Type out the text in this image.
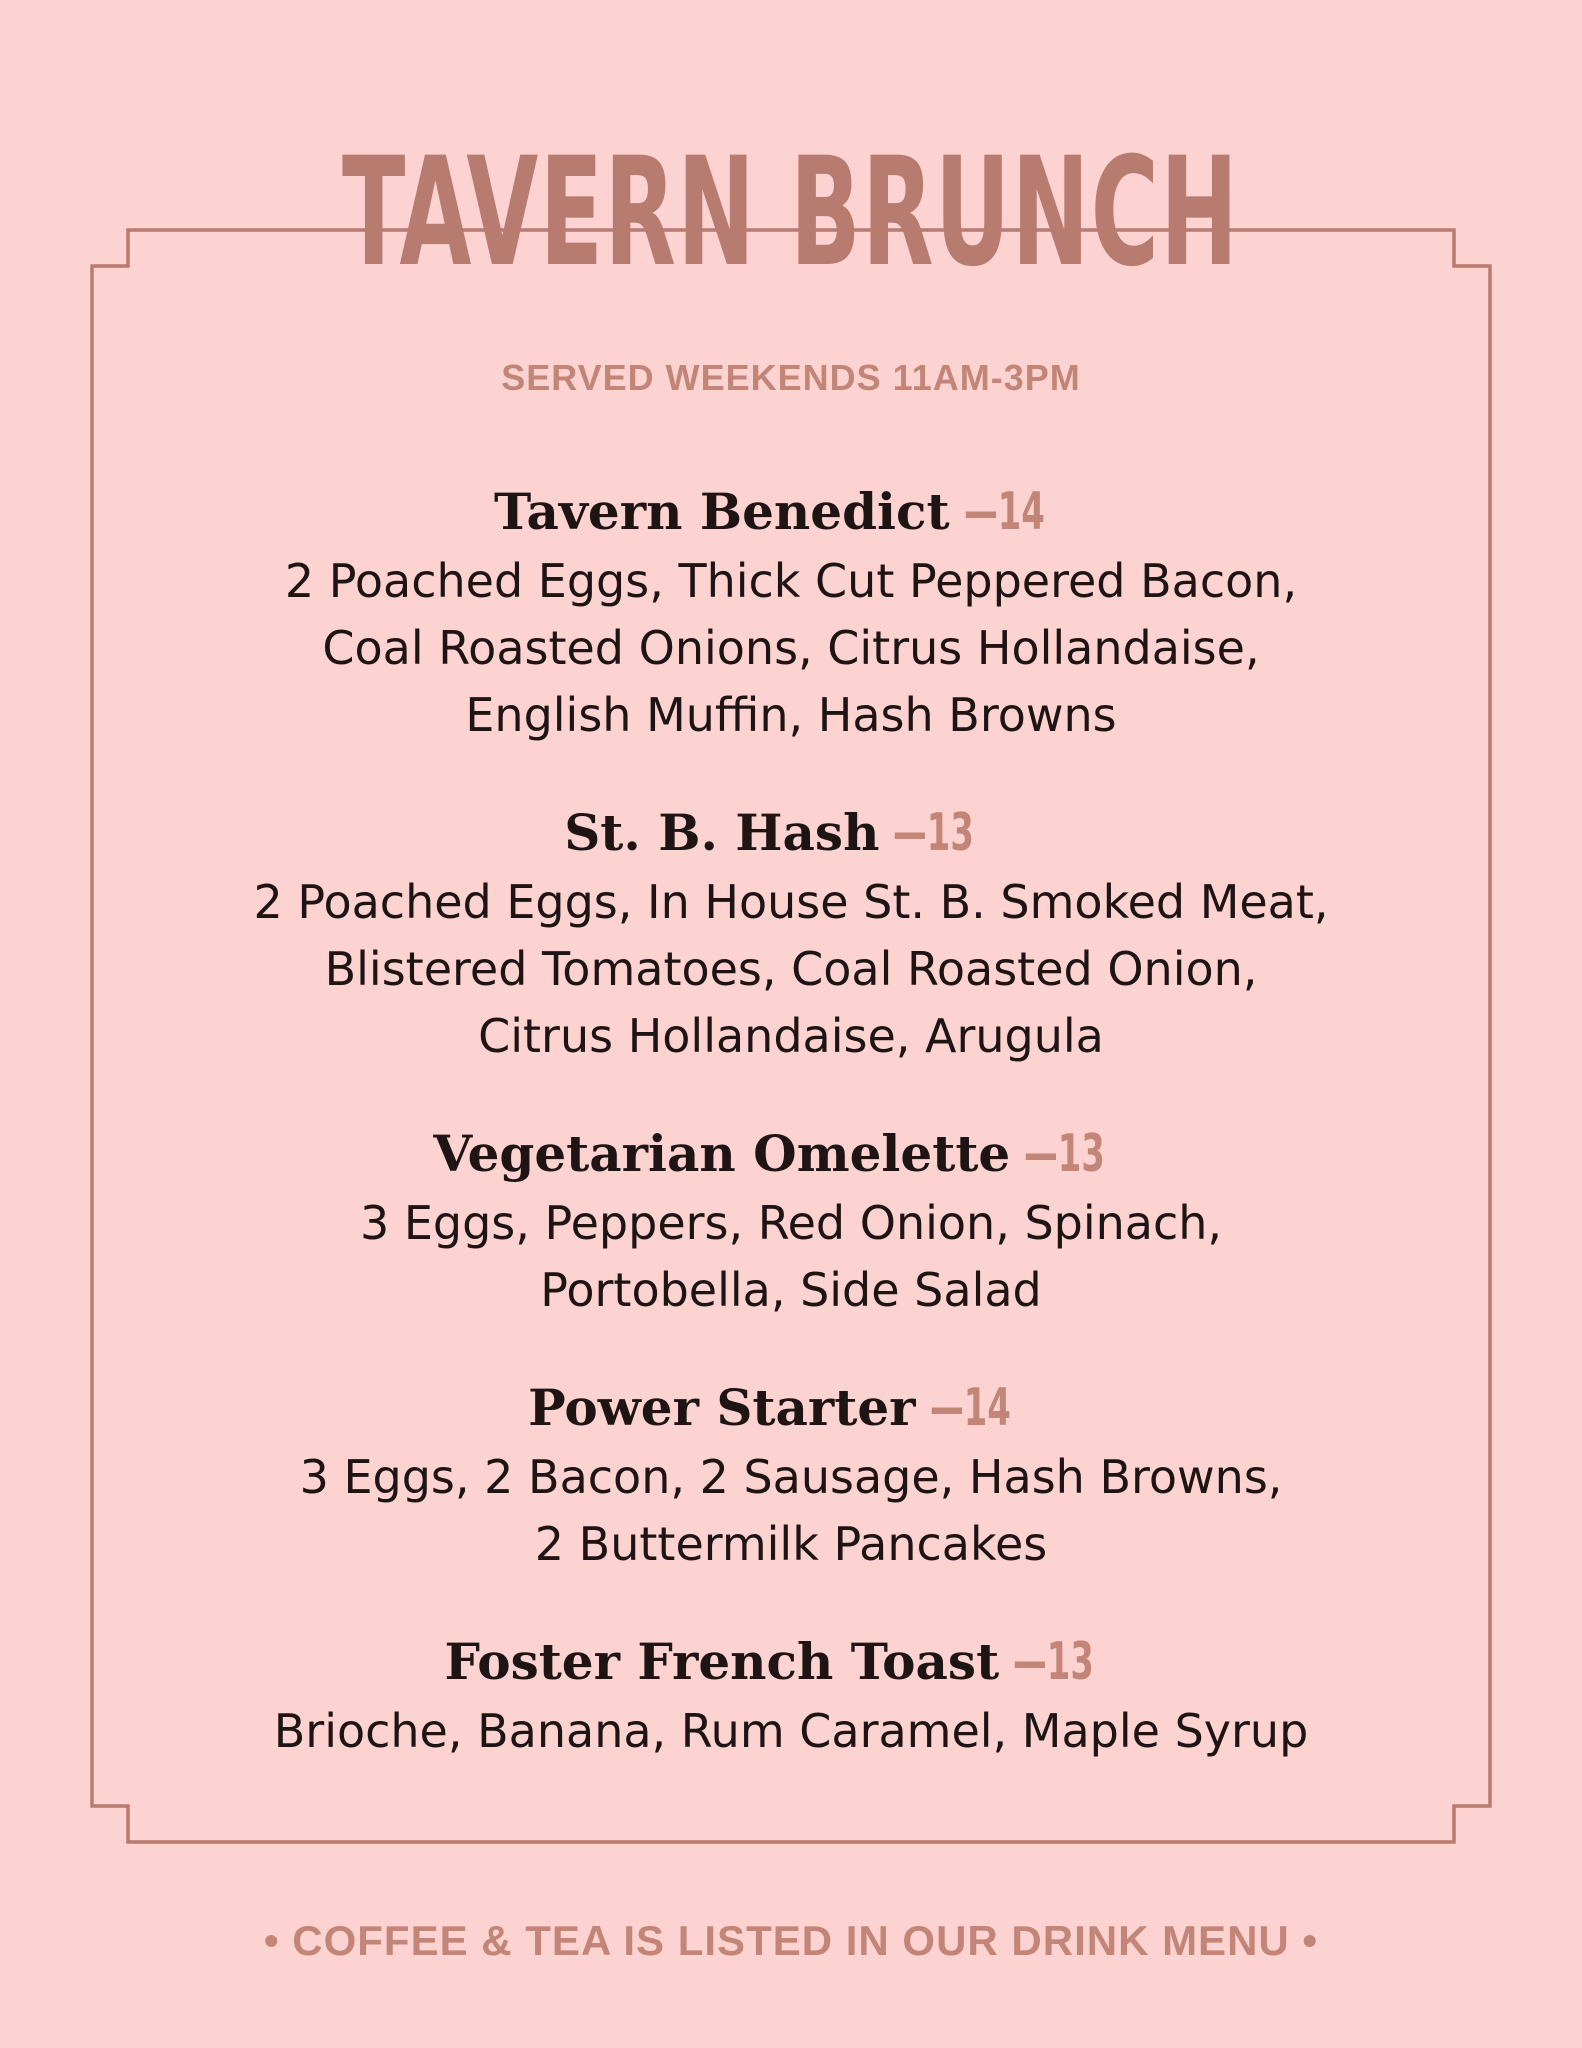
TAVERN BRUNCH
SERVED WEEKENDS 11AM-3PM
Tavern Benedict —14
2 Poached Eggs, Thick Cut Peppered Bacon,
Coal Roasted Onions, Citrus Hollandaise,
English Muffin, Hash Browns
St. B. Hash —13
2 Poached Eggs, In House St. B. Smoked Meat,
Blistered Tomatoes, Coal Roasted Onion,
Citrus Hollandaise, Arugula
Vegetarian Omelette —13
3 Eggs, Peppers, Red Onion, Spinach,
Portobella, Side Salad
Power Starter —14
3 Eggs, 2 Bacon, 2 Sausage, Hash Browns,
2 Buttermilk Pancakes
Foster French Toast —13
Brioche, Banana, Rum Caramel, Maple Syrup
• COFFEE & TEA IS LISTED IN OUR DRINK MENU •
